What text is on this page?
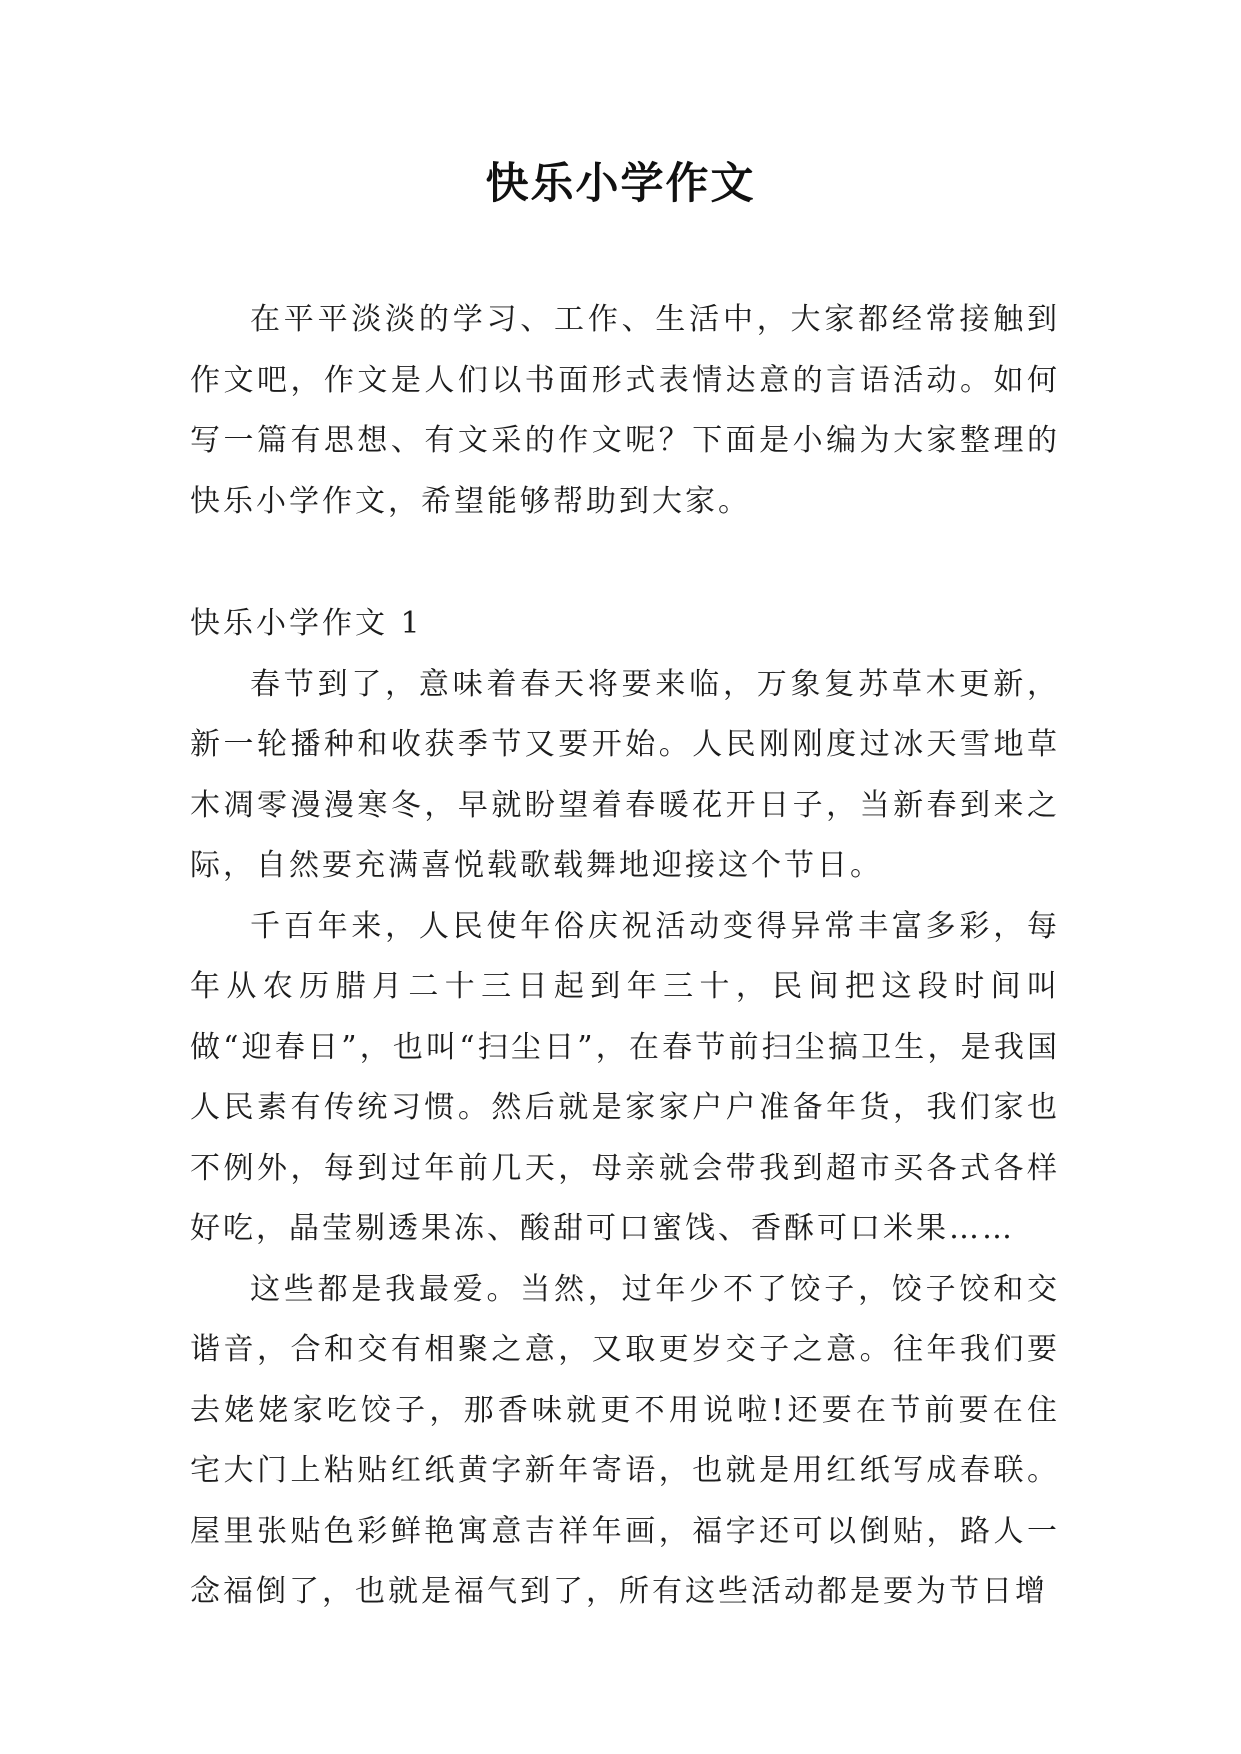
快乐小学作文

在平平淡淡的学习、工作、生活中，大家都经常接触到作文吧，作文是人们以书面形式表情达意的言语活动。如何写一篇有思想、有文采的作文呢？下面是小编为大家整理的快乐小学作文，希望能够帮助到大家。

快乐小学作文 1

春节到了，意味着春天将要来临，万象复苏草木更新，新一轮播种和收获季节又要开始。人民刚刚度过冰天雪地草木凋零漫漫寒冬，早就盼望着春暖花开日子，当新春到来之际，自然要充满喜悦载歌载舞地迎接这个节日。

千百年来，人民使年俗庆祝活动变得异常丰富多彩，每年从农历腊月二十三日起到年三十，民间把这段时间叫做“迎春日”，也叫“扫尘日”，在春节前扫尘搞卫生，是我国人民素有传统习惯。然后就是家家户户准备年货，我们家也不例外，每到过年前几天，母亲就会带我到超市买各式各样好吃，晶莹剔透果冻、酸甜可口蜜饯、香酥可口米果……

这些都是我最爱。当然，过年少不了饺子，饺子饺和交谐音，合和交有相聚之意，又取更岁交子之意。往年我们要去姥姥家吃饺子，那香味就更不用说啦!还要在节前要在住宅大门上粘贴红纸黄字新年寄语，也就是用红纸写成春联。屋里张贴色彩鲜艳寓意吉祥年画，福字还可以倒贴，路人一念福倒了，也就是福气到了，所有这些活动都是要为节日增
